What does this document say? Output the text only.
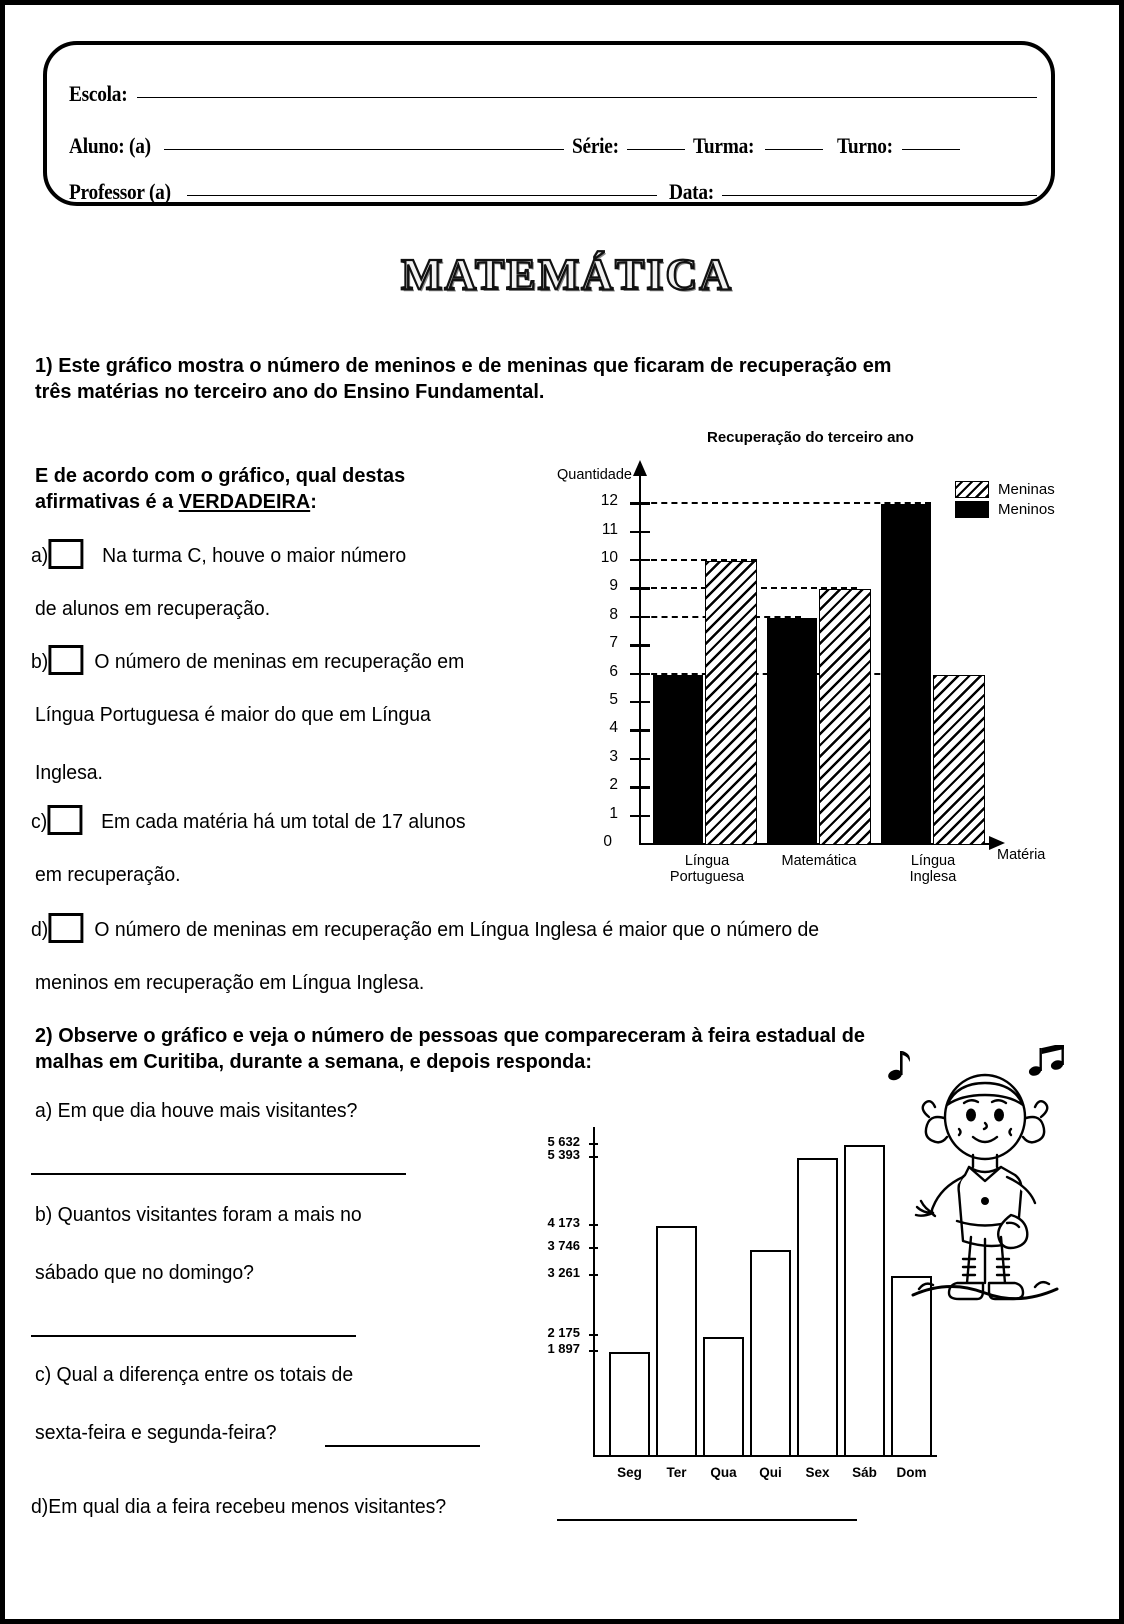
Escola:
Aluno: (a)	Série:	Turma:	Turno:
Professor (a)	Data:
MATEMÁTICA
1) Este gráfico mostra o número de meninos e de meninas que ficaram de recuperação em
três matérias no terceiro ano do Ensino Fundamental.
E de acordo com o gráfico, qual destas
afirmativas é a VERDADEIRA:
a)	Na turma C, houve o maior número
de alunos em recuperação.
b) O número de meninas em recuperação em
Língua Portuguesa é maior do que em Língua
Inglesa.
c)	Em cada matéria há um total de 17 alunos
em recuperação.
d) O número de meninas em recuperação em Língua Inglesa é maior que o número de
meninos em recuperação em Língua Inglesa.
Recuperação do terceiro ano
Quantidade
12
11
10
9
8
7
6
5
4
3
2
1
0
Língua
Portuguesa
Matemática	Língua
Inglesa
Matéria
Meninas
Meninos
2) Observe o gráfico e veja o número de pessoas que compareceram à feira estadual de
malhas em Curitiba, durante a semana, e depois responda:
a) Em que dia houve mais visitantes?
b) Quantos visitantes foram a mais no
sábado que no domingo?
c) Qual a diferença entre os totais de
sexta-feira e segunda-feira?
d)Em qual dia a feira recebeu menos visitantes?
5 632
5 393
4 173
3 746
3 261
2 175
1 897
Seg	Ter	Qua	Qui	Sex	Sáb	Dom
